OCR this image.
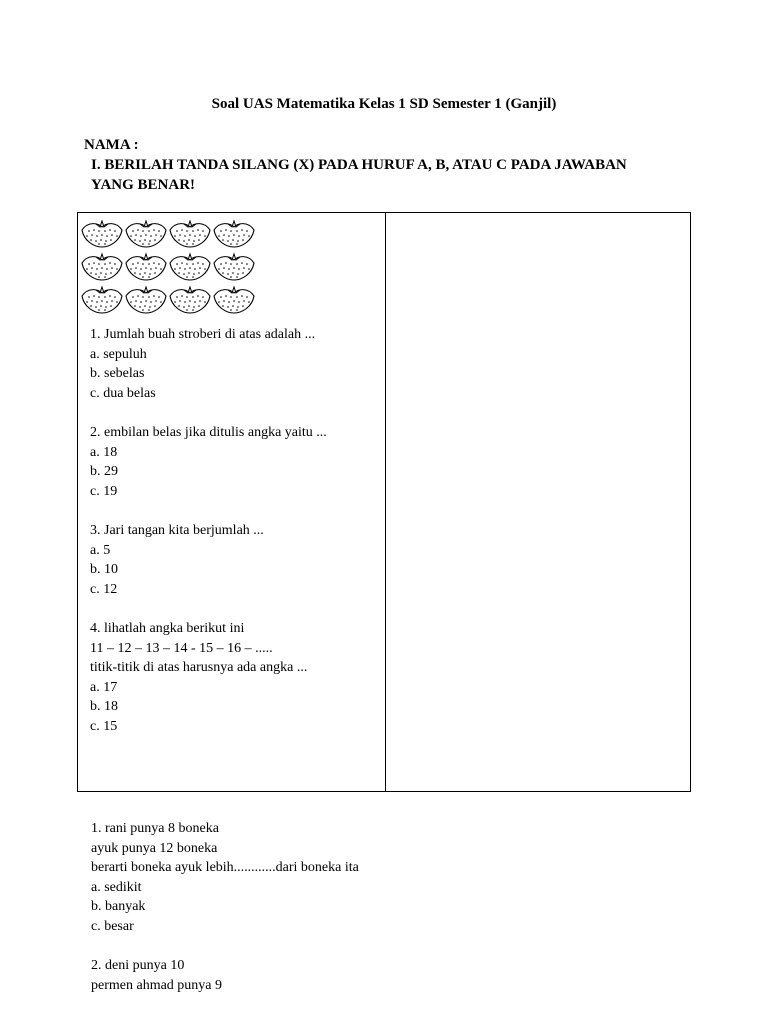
Soal UAS Matematika Kelas 1 SD Semester 1 (Ganjil)
NAMA :
I. BERILAH TANDA SILANG (X) PADA HURUF A, B, ATAU C PADA JAWABAN
YANG BENAR!
1. Jumlah buah stroberi di atas adalah ...
a. sepuluh
b. sebelas
c. dua belas
2. embilan belas jika ditulis angka yaitu ...
a. 18
b. 29
c. 19
3. Jari tangan kita berjumlah ...
a. 5
b. 10
c. 12
4. lihatlah angka berikut ini
11 – 12 – 13 – 14 - 15 – 16 – .....
titik-titik di atas harusnya ada angka ...
a. 17
b. 18
c. 15
1. rani punya 8 boneka
ayuk punya 12 boneka
berarti boneka ayuk lebih............dari boneka ita
a. sedikit
b. banyak
c. besar
2. deni punya 10
permen ahmad punya 9
